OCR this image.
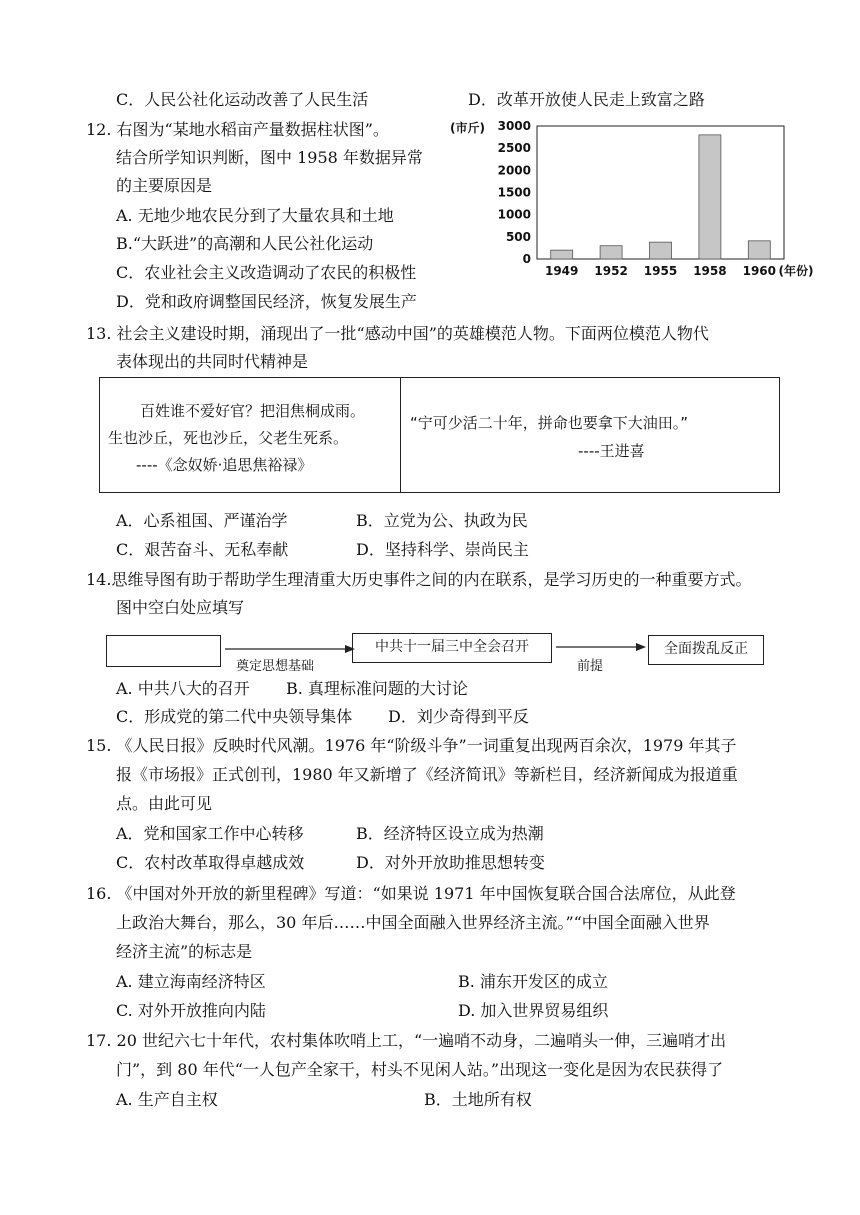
C．人民公社化运动改善了人民生活	D．改革开放使人民走上致富之路
12. 右图为“某地水稻亩产量数据柱状图”。
结合所学知识判断，图中 1958 年数据异常
的主要原因是
A. 无地少地农民分到了大量农具和土地
B.“大跃进”的高潮和人民公社化运动
C．农业社会主义改造调动了农民的积极性
D．党和政府调整国民经济，恢复发展生产
(市斤)
0
500
1000
1500
2000
2500
3000
1949 1952 1955 1958 1960 (年份)
13. 社会主义建设时期，涌现出了一批“感动中国”的英雄模范人物。下面两位模范人物代
表体现出的共同时代精神是
百姓谁不爱好官？把泪焦桐成雨。
生也沙丘，死也沙丘，父老生死系。
----《念奴娇·追思焦裕禄》
“宁可少活二十年，拼命也要拿下大油田。”
----王进喜
A．心系祖国、严谨治学	B．立党为公、执政为民
C．艰苦奋斗、无私奉献	D．坚持科学、崇尚民主
14.思维导图有助于帮助学生理清重大历史事件之间的内在联系，是学习历史的一种重要方式。
图中空白处应填写
奠定思想基础
中共十一届三中全会召开
前提
全面拨乱反正
A. 中共八大的召开 B. 真理标准问题的大讨论
C．形成党的第二代中央领导集体 D．刘少奇得到平反
15. 《人民日报》反映时代风潮。1976 年“阶级斗争”一词重复出现两百余次，1979 年其子
报《市场报》正式创刊，1980 年又新增了《经济简讯》等新栏目，经济新闻成为报道重
点。由此可见
A．党和国家工作中心转移	B．经济特区设立成为热潮
C．农村改革取得卓越成效	D．对外开放助推思想转变
16. 《中国对外开放的新里程碑》写道：“如果说 1971 年中国恢复联合国合法席位，从此登
上政治大舞台，那么，30 年后……中国全面融入世界经济主流。”“中国全面融入世界
经济主流”的标志是
A. 建立海南经济特区	B. 浦东开发区的成立
C. 对外开放推向内陆	D. 加入世界贸易组织
17. 20 世纪六七十年代，农村集体吹哨上工，“一遍哨不动身，二遍哨头一伸，三遍哨才出
门”，到 80 年代“一人包产全家干，村头不见闲人站。”出现这一变化是因为农民获得了
A. 生产自主权	B．土地所有权
